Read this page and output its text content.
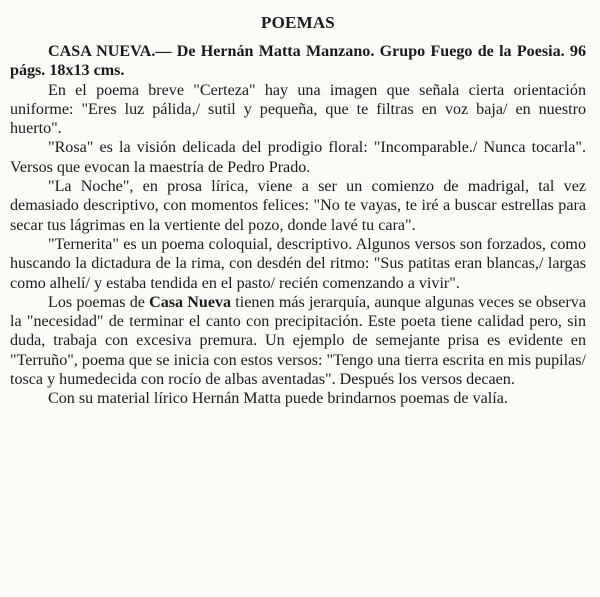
POEMAS

CASA NUEVA.— De Hernán Matta Manzano. Grupo Fuego de la Poesia. 96 págs. 18x13 cms.

En el poema breve "Certeza" hay una imagen que señala cierta orientación uniforme: "Eres luz pálida,/ sutil y pequeña, que te filtras en voz baja/ en nuestro huerto".

"Rosa" es la visión delicada del prodigio floral: "Incomparable./ Nunca tocarla". Versos que evocan la maestría de Pedro Prado.

"La Noche", en prosa lírica, viene a ser un comienzo de madrigal, tal vez demasiado descriptivo, con momentos felices: "No te vayas, te iré a buscar estrellas para secar tus lágrimas en la vertiente del pozo, donde lavé tu cara".

"Ternerita" es un poema coloquial, descriptivo. Algunos versos son forzados, como huscando la dictadura de la rima, con desdén del ritmo: "Sus patitas eran blancas,/ largas como alhelí/ y estaba tendida en el pasto/ recién comenzando a vivir".

Los poemas de Casa Nueva tienen más jerarquía, aunque algunas veces se observa la "necesidad" de terminar el canto con precipitación. Este poeta tiene calidad pero, sin duda, trabaja con excesiva premura. Un ejemplo de semejante prisa es evidente en "Terruño", poema que se inicia con estos versos: "Tengo una tierra escrita en mis pupilas/ tosca y humedecida con rocío de albas aventadas". Después los versos decaen.

Con su material lírico Hernán Matta puede brindarnos poemas de valía.
